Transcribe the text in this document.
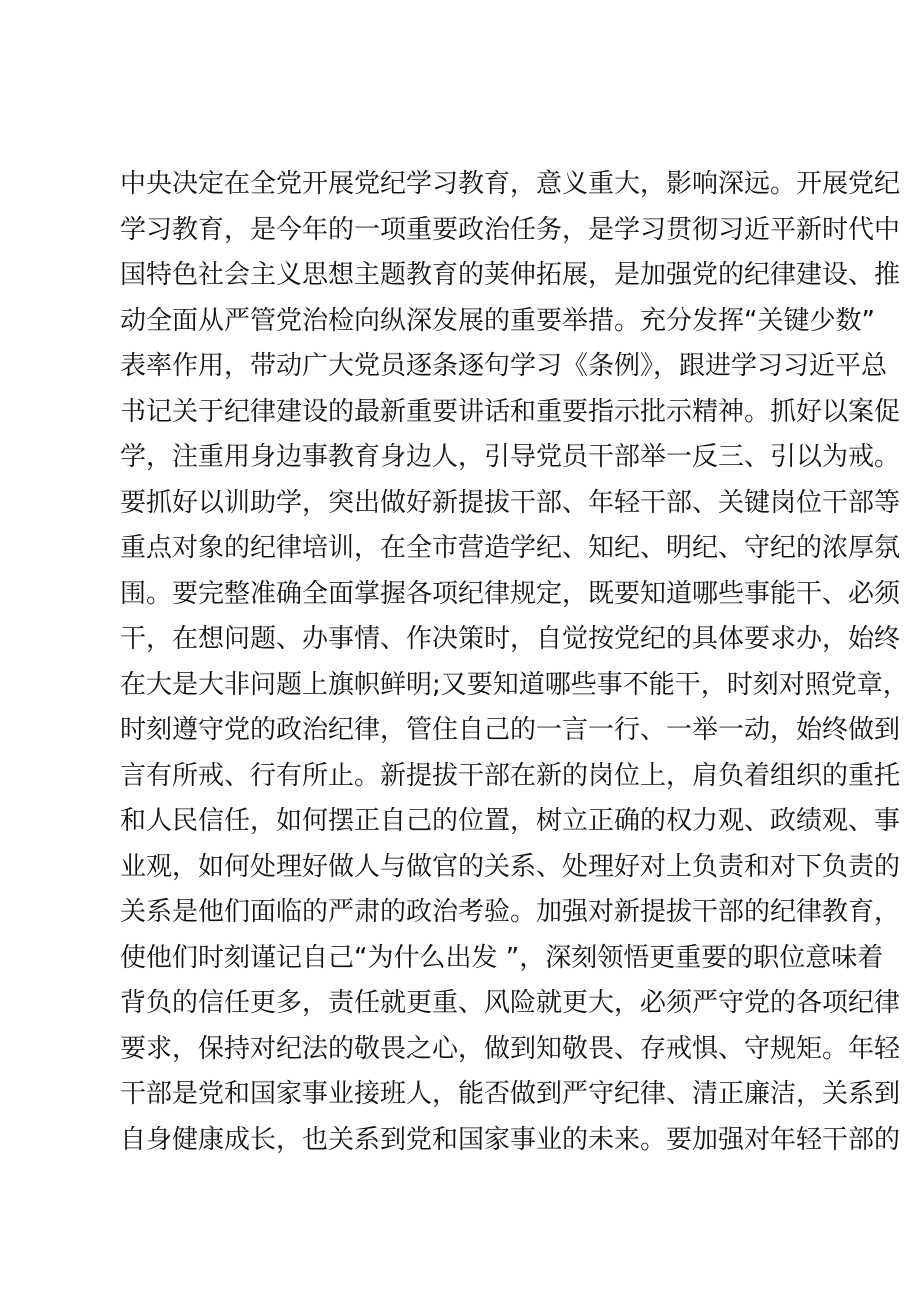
中央决定在全党开展党纪学习教育，意义重大，影响深远。开展党纪
学习教育，是今年的一项重要政治任务，是学习贯彻习近平新时代中
国特色社会主义思想主题教育的荚伸拓展，是加强党的纪律建设、推
动全面从严管党治检向纵深发展的重要举措。充分发挥“关键少数”
表率作用，带动广大党员逐条逐句学习《条例》，跟进学习习近平总
书记关于纪律建设的最新重要讲话和重要指示批示精神。抓好以案促
学，注重用身边事教育身边人，引导党员干部举一反三、引以为戒。
要抓好以训助学，突出做好新提拔干部、年轻干部、关键岗位干部等
重点对象的纪律培训，在全市营造学纪、知纪、明纪、守纪的浓厚氛
围。要完整准确全面掌握各项纪律规定，既要知道哪些事能干、必须
干，在想问题、办事情、作决策时，自觉按党纪的具体要求办，始终
在大是大非问题上旗帜鲜明;又要知道哪些事不能干，时刻对照党章，
时刻遵守党的政治纪律，管住自己的一言一行、一举一动，始终做到
言有所戒、行有所止。新提拔干部在新的岗位上，肩负着组织的重托
和人民信任，如何摆正自己的位置，树立正确的权力观、政绩观、事
业观，如何处理好做人与做官的关系、处理好对上负责和对下负责的
关系是他们面临的严肃的政治考验。加强对新提拔干部的纪律教育，
使他们时刻谨记自己“为什么出发 ”，深刻领悟更重要的职位意味着
背负的信任更多，责任就更重、风险就更大，必须严守党的各项纪律
要求，保持对纪法的敬畏之心，做到知敬畏、存戒惧、守规矩。年轻
干部是党和国家事业接班人，能否做到严守纪律、清正廉洁，关系到
自身健康成长，也关系到党和国家事业的未来。要加强对年轻干部的
